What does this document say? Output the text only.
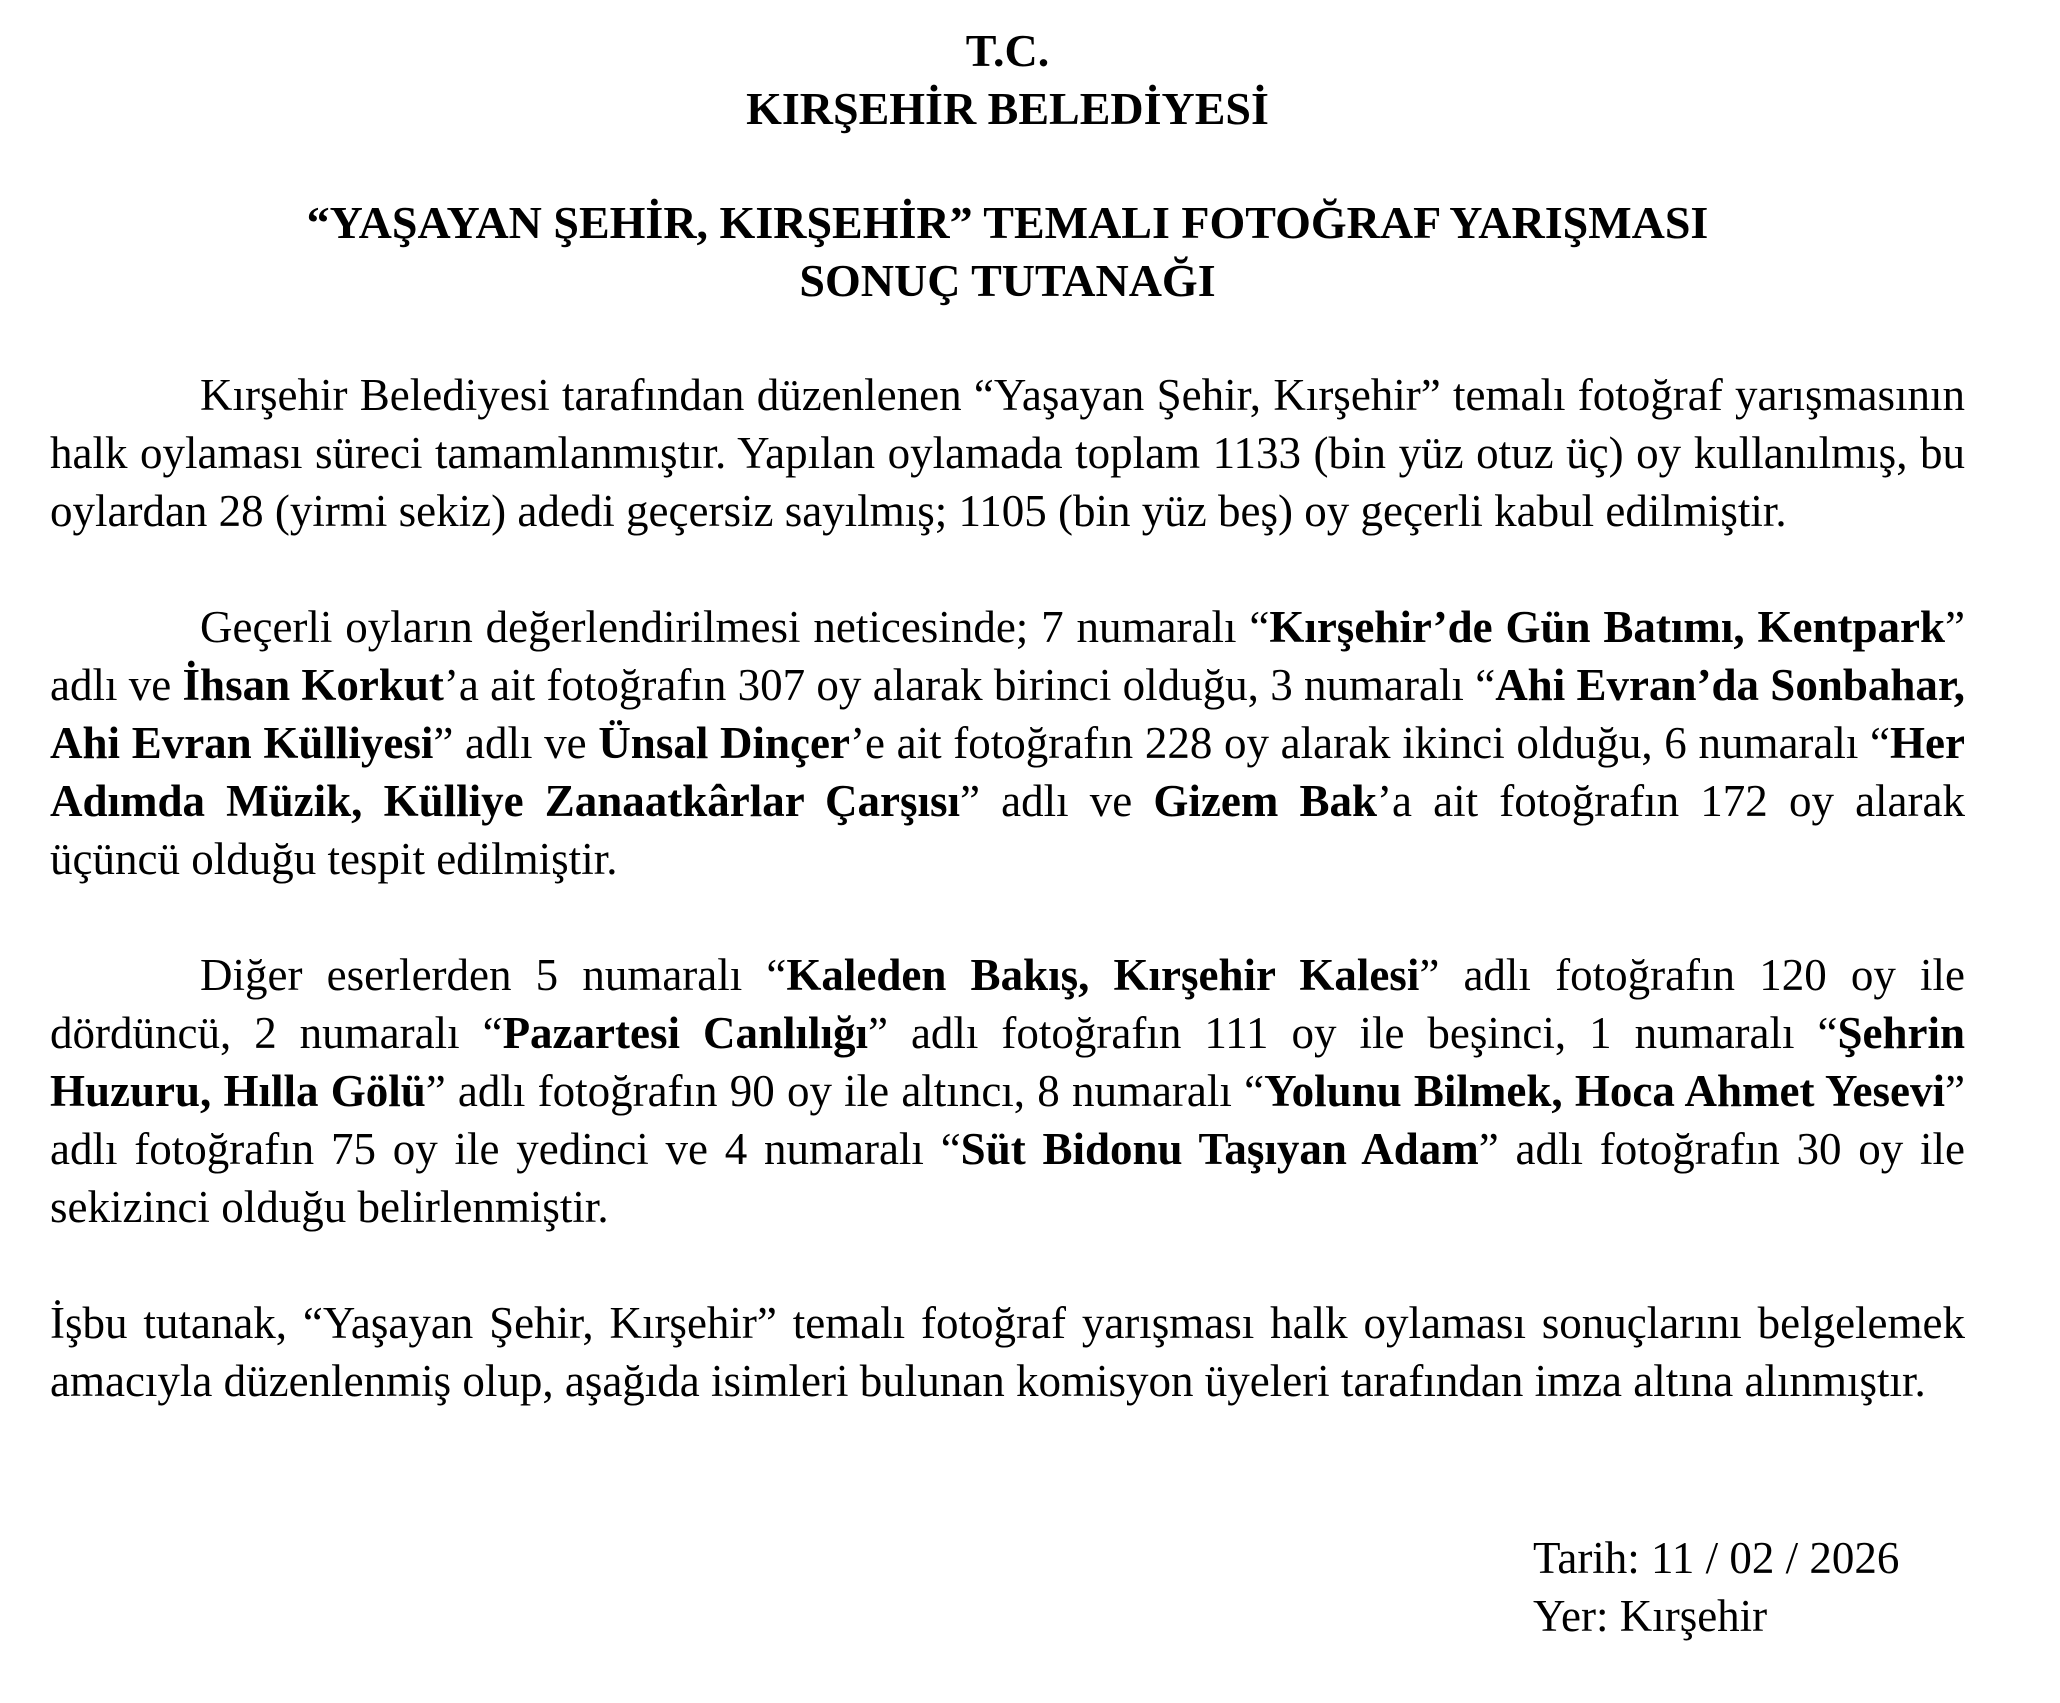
T.C.

KIRŞEHİR BELEDİYESİ

“YAŞAYAN ŞEHİR, KIRŞEHİR” TEMALI FOTOĞRAF YARIŞMASI

SONUÇ TUTANAĞI

Kırşehir Belediyesi tarafından düzenlenen “Yaşayan Şehir, Kırşehir” temalı fotoğraf yarışmasının halk oylaması süreci tamamlanmıştır. Yapılan oylamada toplam 1133 (bin yüz otuz üç) oy kullanılmış, bu oylardan 28 (yirmi sekiz) adedi geçersiz sayılmış; 1105 (bin yüz beş) oy geçerli kabul edilmiştir.

Geçerli oyların değerlendirilmesi neticesinde; 7 numaralı “Kırşehir’de Gün Batımı, Kentpark” adlı ve İhsan Korkut’a ait fotoğrafın 307 oy alarak birinci olduğu, 3 numaralı “Ahi Evran’da Sonbahar, Ahi Evran Külliyesi” adlı ve Ünsal Dinçer’e ait fotoğrafın 228 oy alarak ikinci olduğu, 6 numaralı “Her Adımda Müzik, Külliye Zanaatkârlar Çarşısı” adlı ve Gizem Bak’a ait fotoğrafın 172 oy alarak üçüncü olduğu tespit edilmiştir.

Diğer eserlerden 5 numaralı “Kaleden Bakış, Kırşehir Kalesi” adlı fotoğrafın 120 oy ile dördüncü, 2 numaralı “Pazartesi Canlılığı” adlı fotoğrafın 111 oy ile beşinci, 1 numaralı “Şehrin Huzuru, Hılla Gölü” adlı fotoğrafın 90 oy ile altıncı, 8 numaralı “Yolunu Bilmek, Hoca Ahmet Yesevi” adlı fotoğrafın 75 oy ile yedinci ve 4 numaralı “Süt Bidonu Taşıyan Adam” adlı fotoğrafın 30 oy ile sekizinci olduğu belirlenmiştir.

İşbu tutanak, “Yaşayan Şehir, Kırşehir” temalı fotoğraf yarışması halk oylaması sonuçlarını belgelemek amacıyla düzenlenmiş olup, aşağıda isimleri bulunan komisyon üyeleri tarafından imza altına alınmıştır.

Tarih: 11 / 02 / 2026
Yer: Kırşehir
